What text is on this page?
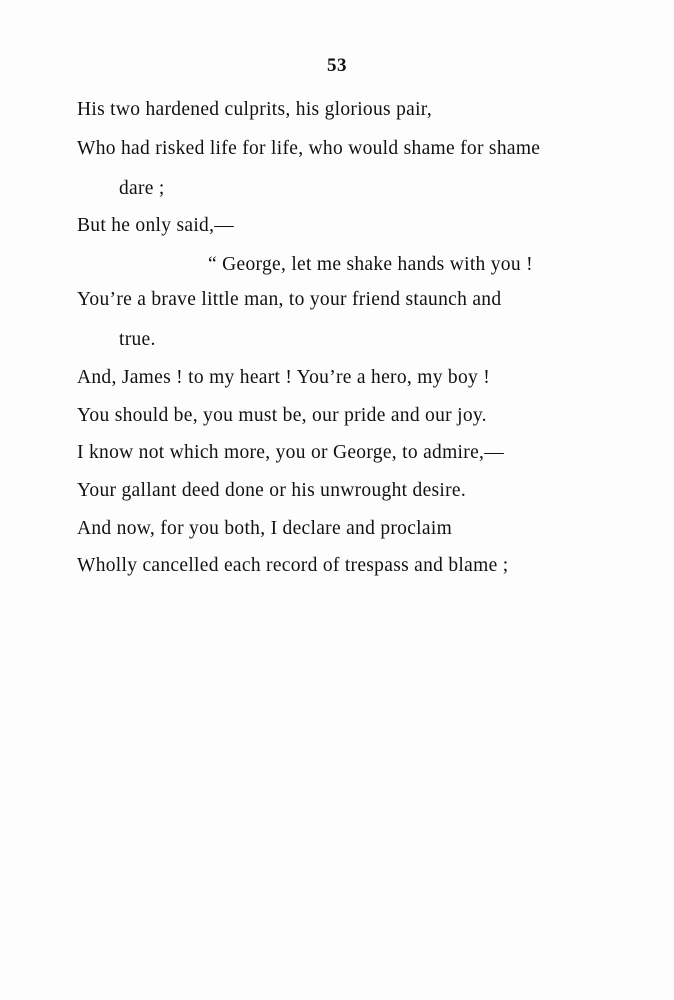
53
His two hardened culprits, his glorious pair,
Who had risked life for life, who would shame for shame
dare ;
But he only said,—
“ George, let me shake hands with you !
You’re a brave little man, to your friend staunch and
true.
And, James ! to my heart ! You’re a hero, my boy !
You should be, you must be, our pride and our joy.
I know not which more, you or George, to admire,—
Your gallant deed done or his unwrought desire.
And now, for you both, I declare and proclaim
Wholly cancelled each record of trespass and blame ;
